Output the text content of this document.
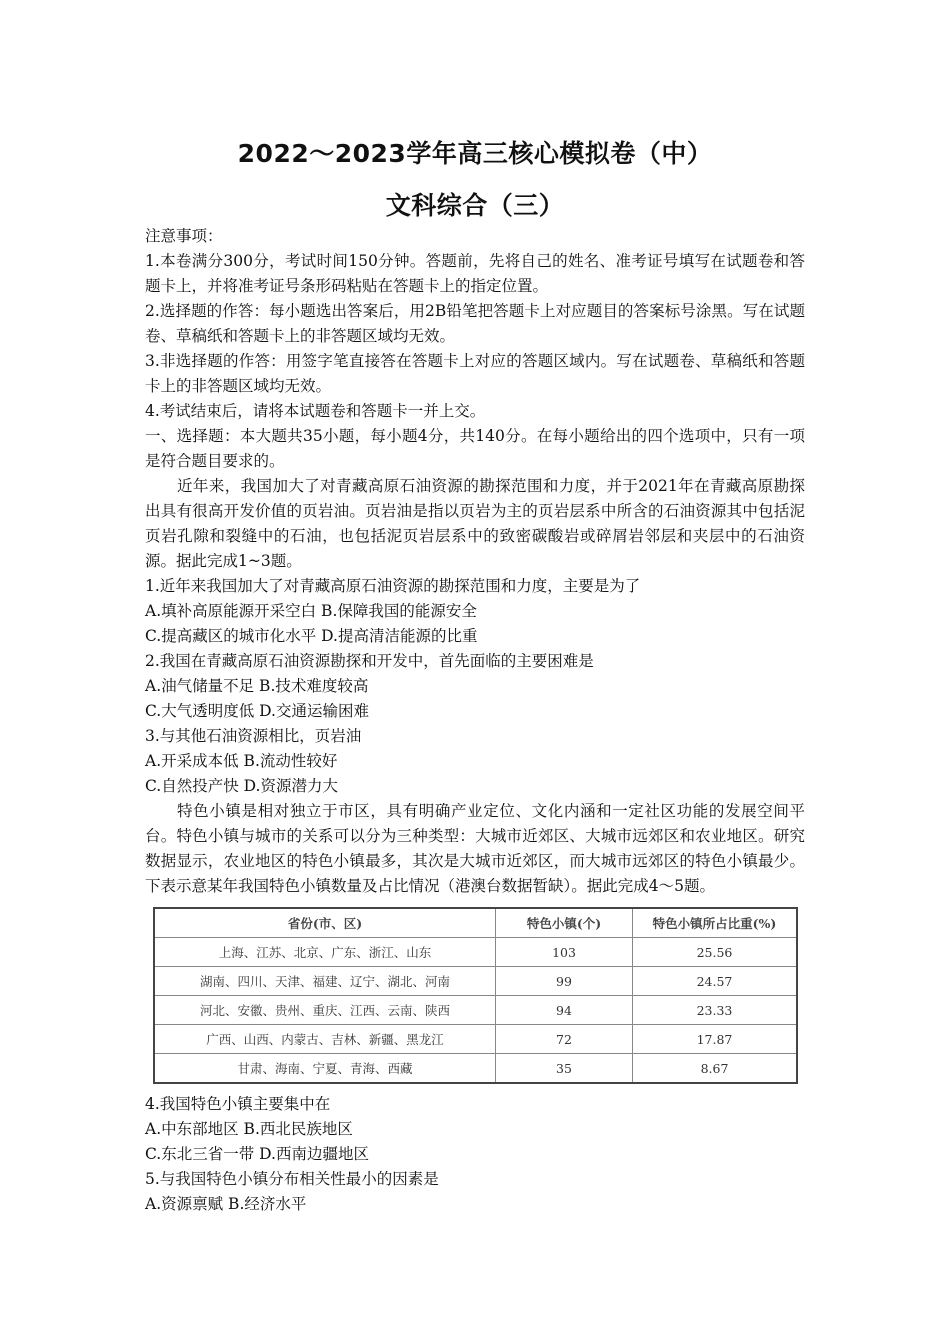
2022～2023学年高三核心模拟卷（中）
文科综合（三）

注意事项：

1.本卷满分300分，考试时间150分钟。答题前，先将自己的姓名、准考证号填写在试题卷和答题卡上，并将准考证号条形码粘贴在答题卡上的指定位置。

2.选择题的作答：每小题选出答案后，用2B铅笔把答题卡上对应题目的答案标号涂黑。写在试题卷、草稿纸和答题卡上的非答题区域均无效。

3.非选择题的作答：用签字笔直接答在答题卡上对应的答题区域内。写在试题卷、草稿纸和答题卡上的非答题区域均无效。

4.考试结束后，请将本试题卷和答题卡一并上交。

一、选择题：本大题共35小题，每小题4分，共140分。在每小题给出的四个选项中，只有一项是符合题目要求的。

近年来，我国加大了对青藏高原石油资源的勘探范围和力度，并于2021年在青藏高原勘探出具有很高开发价值的页岩油。页岩油是指以页岩为主的页岩层系中所含的石油资源其中包括泥页岩孔隙和裂缝中的石油，也包括泥页岩层系中的致密碳酸岩或碎屑岩邻层和夹层中的石油资源。据此完成1~3题。

1.近年来我国加大了对青藏高原石油资源的勘探范围和力度，主要是为了

A.填补高原能源开采空白 B.保障我国的能源安全

C.提高藏区的城市化水平 D.提高清洁能源的比重

2.我国在青藏高原石油资源勘探和开发中，首先面临的主要困难是

A.油气储量不足 B.技术难度较高

C.大气透明度低 D.交通运输困难

3.与其他石油资源相比，页岩油

A.开采成本低 B.流动性较好

C.自然投产快 D.资源潜力大

特色小镇是相对独立于市区，具有明确产业定位、文化内涵和一定社区功能的发展空间平台。特色小镇与城市的关系可以分为三种类型：大城市近郊区、大城市远郊区和农业地区。研究数据显示，农业地区的特色小镇最多，其次是大城市近郊区，而大城市远郊区的特色小镇最少。下表示意某年我国特色小镇数量及占比情况（港澳台数据暂缺）。据此完成4～5题。

省份(市、区)	特色小镇(个)	特色小镇所占比重(%)
上海、江苏、北京、广东、浙江、山东	103	25.56
湖南、四川、天津、福建、辽宁、湖北、河南	99	24.57
河北、安徽、贵州、重庆、江西、云南、陕西	94	23.33
广西、山西、内蒙古、吉林、新疆、黑龙江	72	17.87
甘肃、海南、宁夏、青海、西藏	35	8.67

4.我国特色小镇主要集中在

A.中东部地区 B.西北民族地区

C.东北三省一带 D.西南边疆地区

5.与我国特色小镇分布相关性最小的因素是

A.资源禀赋 B.经济水平
